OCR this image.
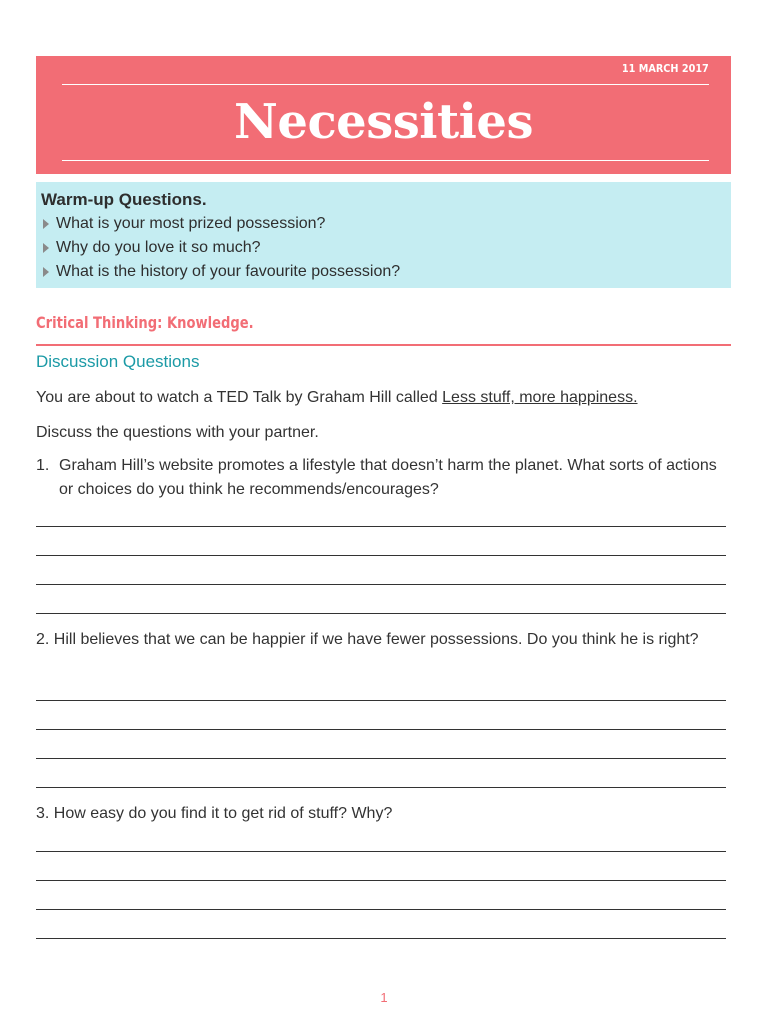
11 MARCH 2017
Necessities
Warm-up Questions.
What is your most prized possession?
Why do you love it so much?
What is the history of your favourite possession?
Critical Thinking: Knowledge.
Discussion Questions
You are about to watch a TED Talk by Graham Hill called Less stuff, more happiness.
Discuss the questions with your partner.
1. Graham Hill’s website promotes a lifestyle that doesn’t harm the planet. What sorts of actions or choices do you think he recommends/encourages?
2. Hill believes that we can be happier if we have fewer possessions. Do you think he is right?
3. How easy do you find it to get rid of stuff? Why?
1
